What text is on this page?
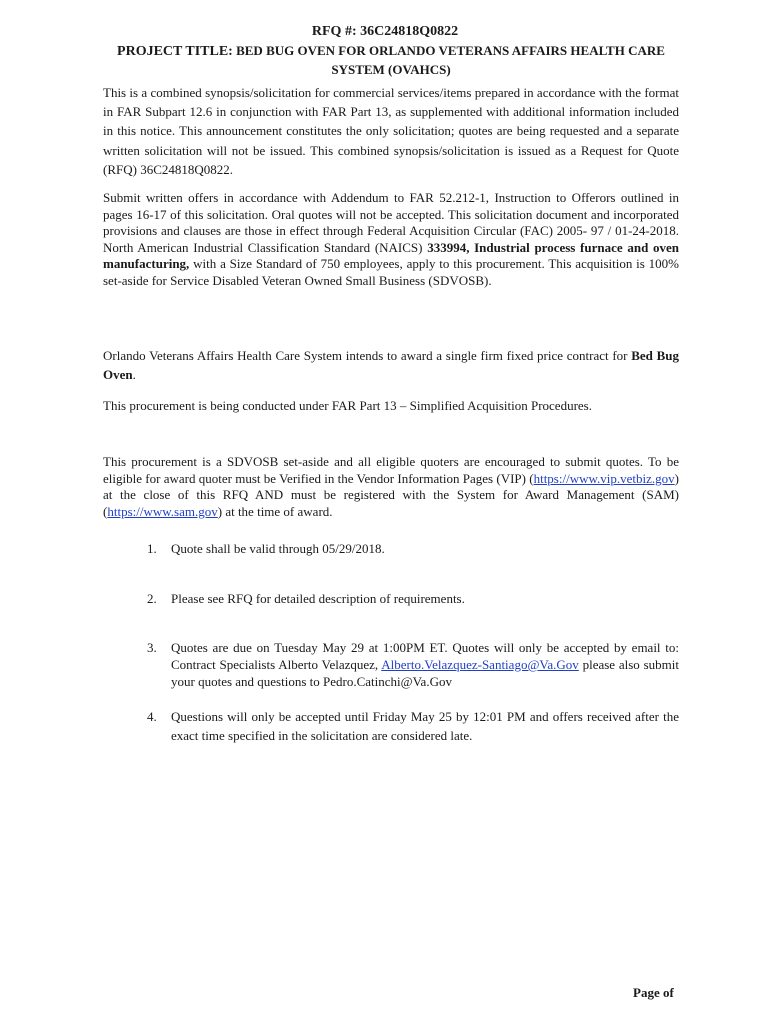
RFQ #: 36C24818Q0822
PROJECT TITLE: BED BUG OVEN FOR ORLANDO VETERANS AFFAIRS HEALTH CARE SYSTEM (OVAHCS)
This is a combined synopsis/solicitation for commercial services/items prepared in accordance with the format in FAR Subpart 12.6 in conjunction with FAR Part 13, as supplemented with additional information included in this notice. This announcement constitutes the only solicitation; quotes are being requested and a separate written solicitation will not be issued. This combined synopsis/solicitation is issued as a Request for Quote (RFQ) 36C24818Q0822.
Submit written offers in accordance with Addendum to FAR 52.212-1, Instruction to Offerors outlined in pages 16-17 of this solicitation. Oral quotes will not be accepted. This solicitation document and incorporated provisions and clauses are those in effect through Federal Acquisition Circular (FAC) 2005- 97 / 01-24-2018. North American Industrial Classification Standard (NAICS) 333994, Industrial process furnace and oven manufacturing, with a Size Standard of 750 employees, apply to this procurement. This acquisition is 100% set-aside for Service Disabled Veteran Owned Small Business (SDVOSB).
Orlando Veterans Affairs Health Care System intends to award a single firm fixed price contract for Bed Bug Oven.
This procurement is being conducted under FAR Part 13 – Simplified Acquisition Procedures.
This procurement is a SDVOSB set-aside and all eligible quoters are encouraged to submit quotes. To be eligible for award quoter must be Verified in the Vendor Information Pages (VIP) (https://www.vip.vetbiz.gov) at the close of this RFQ AND must be registered with the System for Award Management (SAM) (https://www.sam.gov) at the time of award.
1.	Quote shall be valid through 05/29/2018.
2.	Please see RFQ for detailed description of requirements.
3.	Quotes are due on Tuesday May 29 at 1:00PM ET. Quotes will only be accepted by email to: Contract Specialists Alberto Velazquez, Alberto.Velazquez-Santiago@Va.Gov please also submit your quotes and questions to Pedro.Catinchi@Va.Gov
4.	Questions will only be accepted until Friday May 25 by 12:01 PM and offers received after the exact time specified in the solicitation are considered late.
Page of
